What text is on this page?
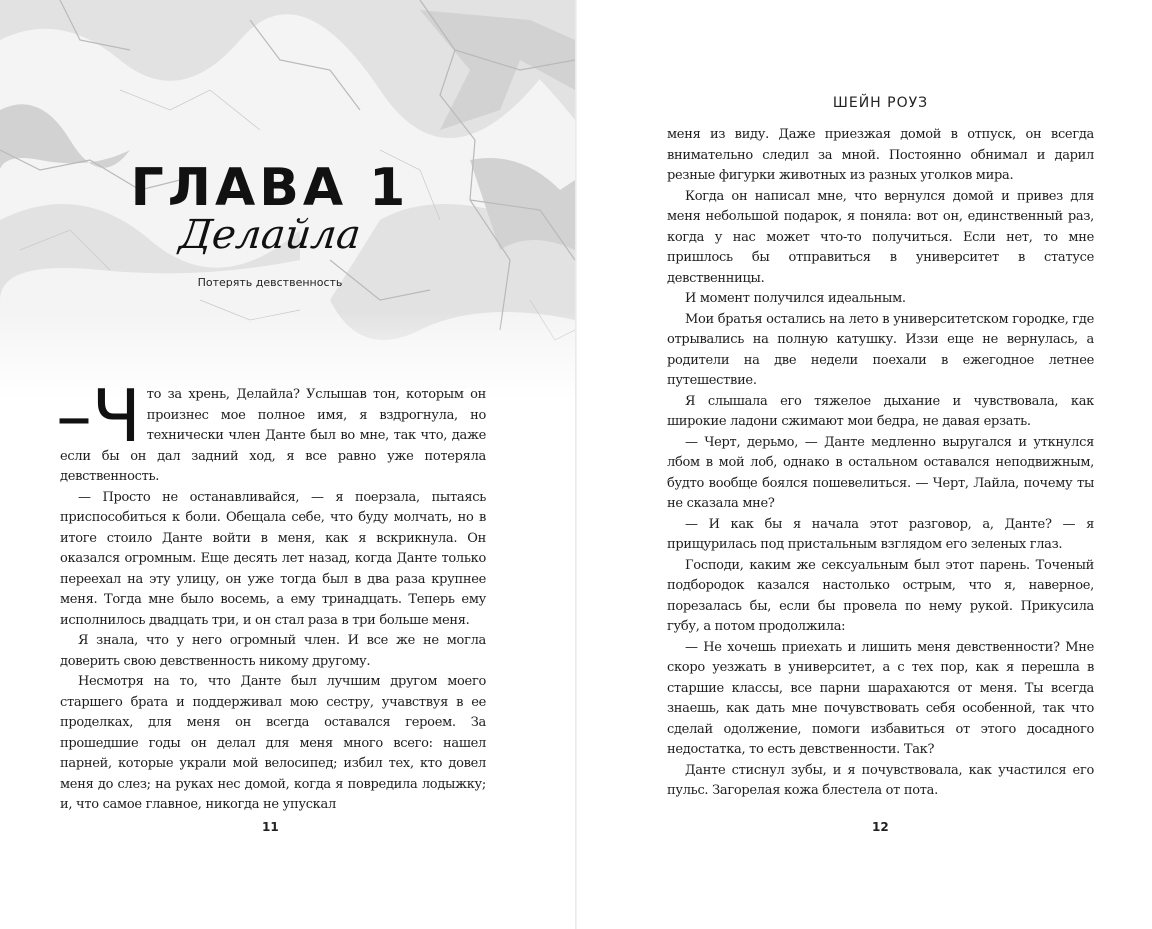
ГЛАВА 1
Делайла
Потерять девственность

–Ч то за хрень, Делайла? Услышав тон, которым он произнес мое полное имя, я вздрогнула, но технически член Данте был во мне, так что, даже если бы он дал задний ход, я все равно уже потеряла девственность.

— Просто не останавливайся, — я поерзала, пытаясь приспособиться к боли. Обещала себе, что буду молчать, но в итоге стоило Данте войти в меня, как я вскрикнула. Он оказался огромным. Еще десять лет назад, когда Данте только переехал на эту улицу, он уже тогда был в два раза крупнее меня. Тогда мне было восемь, а ему тринадцать. Теперь ему исполнилось двадцать три, и он стал раза в три больше меня.

Я знала, что у него огромный член. И все же не могла доверить свою девственность никому другому.

Несмотря на то, что Данте был лучшим другом моего старшего брата и поддерживал мою сестру, учавствуя в ее проделках, для меня он всегда оставался героем. За прошедшие годы он делал для меня много всего: нашел парней, которые украли мой велосипед; избил тех, кто довел меня до слез; на руках нес домой, когда я повредила лодыжку; и, что самое главное, никогда не упускал

11
ШЕЙН РОУЗ

меня из виду. Даже приезжая домой в отпуск, он всегда внимательно следил за мной. Постоянно обнимал и дарил резные фигурки животных из разных уголков мира.

Когда он написал мне, что вернулся домой и привез для меня небольшой подарок, я поняла: вот он, единственный раз, когда у нас может что-то получиться. Если нет, то мне пришлось бы отправиться в университет в статусе девственницы.

И момент получился идеальным.

Мои братья остались на лето в университетском городке, где отрывались на полную катушку. Иззи еще не вернулась, а родители на две недели поехали в ежегодное летнее путешествие.

Я слышала его тяжелое дыхание и чувствовала, как широкие ладони сжимают мои бедра, не давая ерзать.

— Черт, дерьмо, — Данте медленно выругался и уткнулся лбом в мой лоб, однако в остальном оставался неподвижным, будто вообще боялся пошевелиться. — Черт, Лайла, почему ты не сказала мне?

— И как бы я начала этот разговор, а, Данте? — я прищурилась под пристальным взглядом его зеленых глаз.

Господи, каким же сексуальным был этот парень. Точеный подбородок казался настолько острым, что я, наверное, порезалась бы, если бы провела по нему рукой. Прикусила губу, а потом продолжила:

— Не хочешь приехать и лишить меня девственности? Мне скоро уезжать в университет, а с тех пор, как я перешла в старшие классы, все парни шарахаются от меня. Ты всегда знаешь, как дать мне почувствовать себя особенной, так что сделай одолжение, помоги избавиться от этого досадного недостатка, то есть девственности. Так?

Данте стиснул зубы, и я почувствовала, как участился его пульс. Загорелая кожа блестела от пота.

12
